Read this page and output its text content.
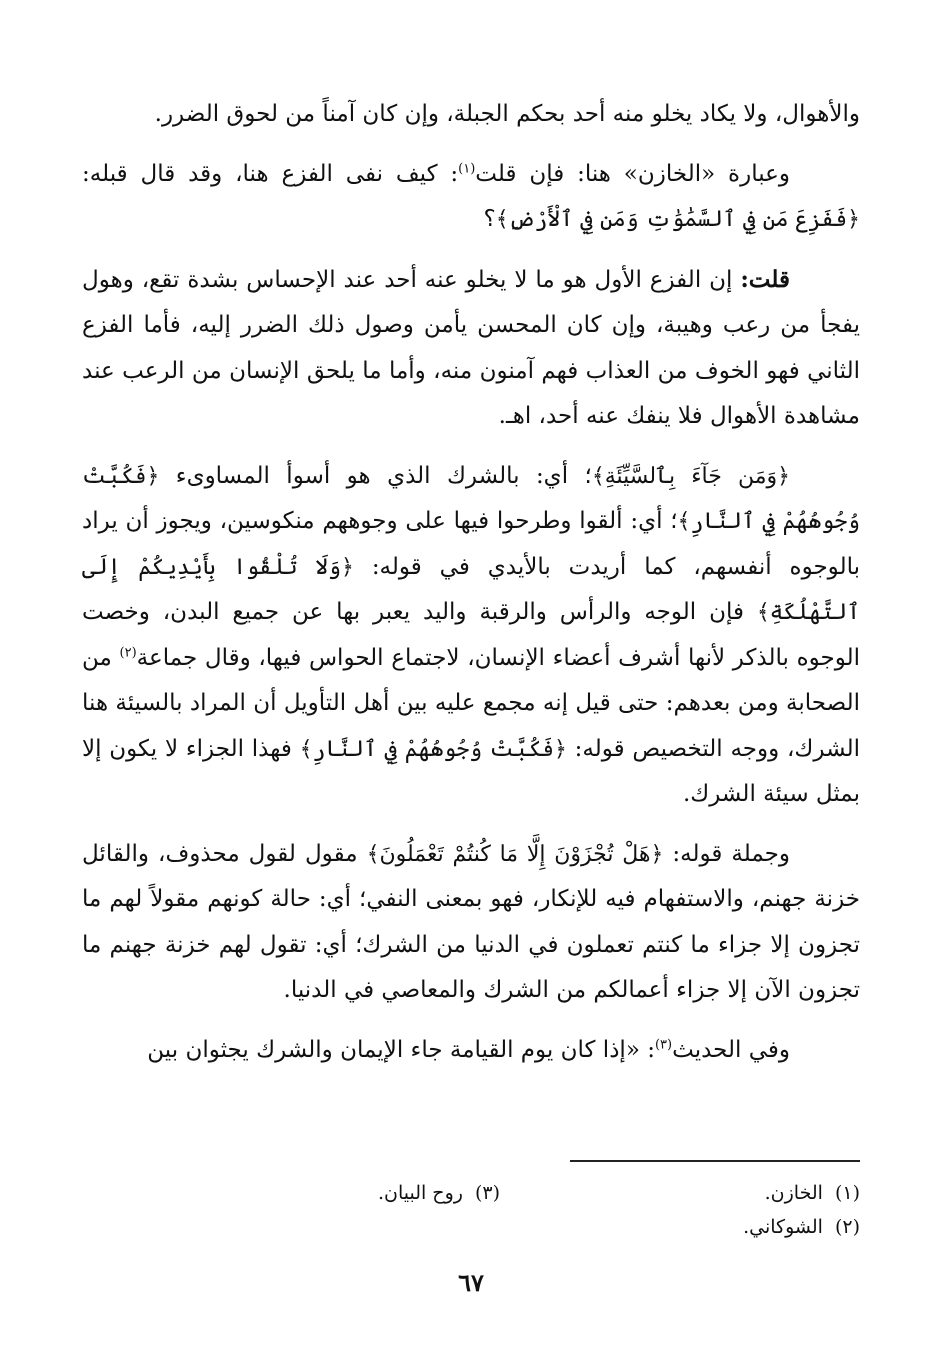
والأهوال، ولا يكاد يخلو منه أحد بحكم الجبلة، وإن كان آمناً من لحوق الضرر.

وعبارة «الخازن» هنا: فإن قلت$^{(١)}$: كيف نفى الفزع هنا، وقد قال قبله: ﴿فَفَزِعَ مَن فِي ٱلسَّمَٰوَٰتِ وَمَن فِي ٱلْأَرْضِ﴾؟

قلت: إن الفزع الأول هو ما لا يخلو عنه أحد عند الإحساس بشدة تقع، وهول يفجأ من رعب وهيبة، وإن كان المحسن يأمن وصول ذلك الضرر إليه، فأما الفزع الثاني فهو الخوف من العذاب فهم آمنون منه، وأما ما يلحق الإنسان من الرعب عند مشاهدة الأهوال فلا ينفك عنه أحد، اهـ.

﴿وَمَن جَآءَ بِٱلسَّيِّئَةِ﴾؛ أي: بالشرك الذي هو أسوأ المساوىء ﴿فَكُبَّتْ وُجُوهُهُمْ فِي ٱلنَّارِ﴾؛ أي: ألقوا وطرحوا فيها على وجوههم منكوسين، ويجوز أن يراد بالوجوه أنفسهم، كما أريدت بالأيدي في قوله: ﴿وَلَا تُلْقُوا بِأَيْدِيكُمْ إِلَى ٱلتَّهْلُكَةِ﴾ فإن الوجه والرأس والرقبة واليد يعبر بها عن جميع البدن، وخصت الوجوه بالذكر لأنها أشرف أعضاء الإنسان، لاجتماع الحواس فيها، وقال جماعة$^{(٢)}$ من الصحابة ومن بعدهم: حتى قيل إنه مجمع عليه بين أهل التأويل أن المراد بالسيئة هنا الشرك، ووجه التخصيص قوله: ﴿فَكُبَّتْ وُجُوهُهُمْ فِي ٱلنَّارِ﴾ فهذا الجزاء لا يكون إلا بمثل سيئة الشرك.

وجملة قوله: ﴿هَلْ تُجْزَوْنَ إِلَّا مَا كُنتُمْ تَعْمَلُونَ﴾ مقول لقول محذوف، والقائل خزنة جهنم، والاستفهام فيه للإنكار، فهو بمعنى النفي؛ أي: حالة كونهم مقولاً لهم ما تجزون إلا جزاء ما كنتم تعملون في الدنيا من الشرك؛ أي: تقول لهم خزنة جهنم ما تجزون الآن إلا جزاء أعمالكم من الشرك والمعاصي في الدنيا.

وفي الحديث$^{(٣)}$: «إذا كان يوم القيامة جاء الإيمان والشرك يجثوان بين

(١)الخازن.
(٣)روح البيان.
(٢)الشوكاني.
٦٧
